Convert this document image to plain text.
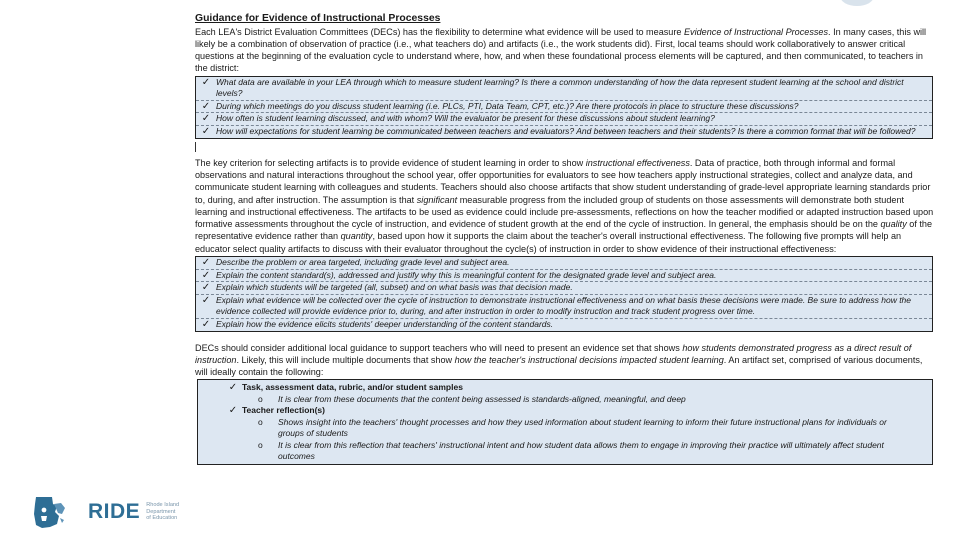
Guidance for Evidence of Instructional Processes

Each LEA's District Evaluation Committees (DECs) has the flexibility to determine what evidence will be used to measure Evidence of Instructional Processes. In many cases, this will likely be a combination of observation of practice (i.e., what teachers do) and artifacts (i.e., the work students did). First, local teams should work collaboratively to answer critical questions at the beginning of the evaluation cycle to understand where, how, and when these foundational process elements will be captured, and then communicated, to teachers in the district:

✓ What data are available in your LEA through which to measure student learning? Is there a common understanding of how the data represent student learning at the school and district levels?
✓ During which meetings do you discuss student learning (i.e. PLCs, PTI, Data Team, CPT, etc.)? Are there protocols in place to structure these discussions?
✓ How often is student learning discussed, and with whom? Will the evaluator be present for these discussions about student learning?
✓ How will expectations for student learning be communicated between teachers and evaluators? And between teachers and their students? Is there a common format that will be followed?

The key criterion for selecting artifacts is to provide evidence of student learning in order to show instructional effectiveness. Data of practice, both through informal and formal observations and natural interactions throughout the school year, offer opportunities for evaluators to see how teachers apply instructional strategies, collect and analyze data, and communicate student learning with colleagues and students. Teachers should also choose artifacts that show student understanding of grade-level appropriate learning standards prior to, during, and after instruction. The assumption is that significant measurable progress from the included group of students on those assessments will demonstrate both student learning and instructional effectiveness. The artifacts to be used as evidence could include pre-assessments, reflections on how the teacher modified or adapted instruction based upon formative assessments throughout the cycle of instruction, and evidence of student growth at the end of the cycle of instruction. In general, the emphasis should be on the quality of the representative evidence rather than quantity, based upon how it supports the claim about the teacher's overall instructional effectiveness. The following five prompts will help an educator select quality artifacts to discuss with their evaluator throughout the cycle(s) of instruction in order to show evidence of their instructional effectiveness:

✓ Describe the problem or area targeted, including grade level and subject area.
✓ Explain the content standard(s), addressed and justify why this is meaningful content for the designated grade level and subject area.
✓ Explain which students will be targeted (all, subset) and on what basis was that decision made.
✓ Explain what evidence will be collected over the cycle of instruction to demonstrate instructional effectiveness and on what basis these decisions were made. Be sure to address how the evidence collected will provide evidence prior to, during, and after instruction in order to modify instruction and track student progress over time.
✓ Explain how the evidence elicits students' deeper understanding of the content standards.

DECs should consider additional local guidance to support teachers who will need to present an evidence set that shows how students demonstrated progress as a direct result of instruction. Likely, this will include multiple documents that show how the teacher's instructional decisions impacted student learning. An artifact set, comprised of various documents, will ideally contain the following:

✓ Task, assessment data, rubric, and/or student samples
o	It is clear from these documents that the content being assessed is standards-aligned, meaningful, and deep
✓ Teacher reflection(s)
o	Shows insight into the teachers' thought processes and how they used information about student learning to inform their future instructional plans for individuals or groups of students
o	It is clear from this reflection that teachers' instructional intent and how student data allows them to engage in improving their practice will ultimately affect student outcomes
RIDE Rhode Island
Department
of Education
